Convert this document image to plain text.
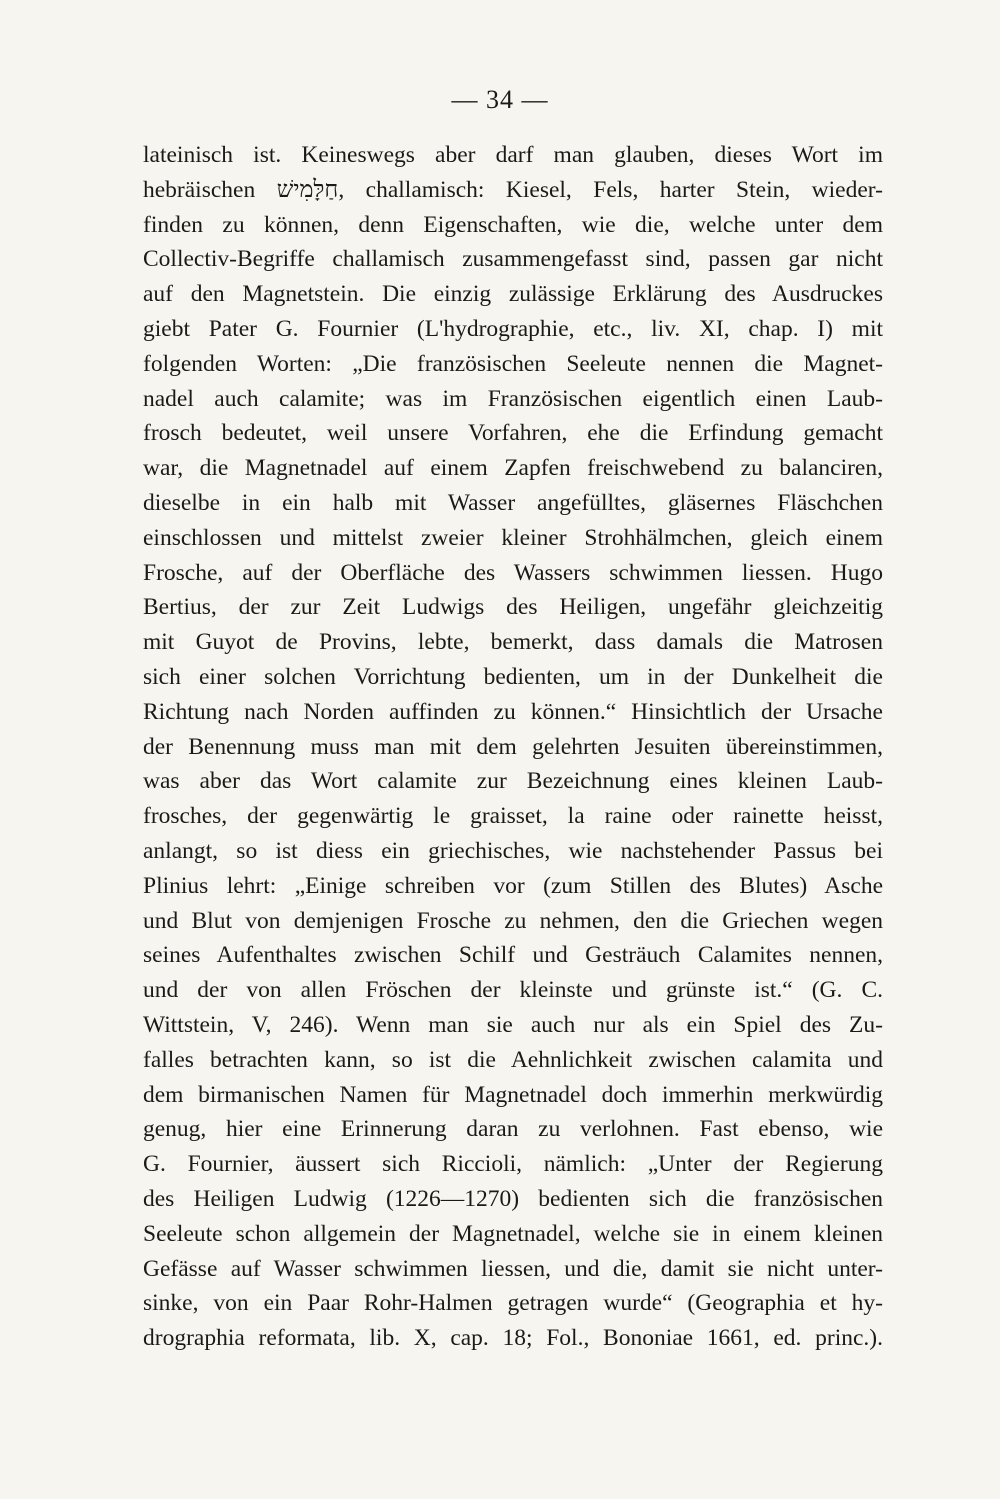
— 34 —
lateinisch ist. Keineswegs aber darf man glauben, dieses Wort im
hebräischen חַלָּמִישׁ, challamisch: Kiesel, Fels, harter Stein, wieder-
finden zu können, denn Eigenschaften, wie die, welche unter dem
Collectiv-Begriffe challamisch zusammengefasst sind, passen gar nicht
auf den Magnetstein. Die einzig zulässige Erklärung des Ausdruckes
giebt Pater G. Fournier (L'hydrographie, etc., liv. XI, chap. I) mit
folgenden Worten: „Die französischen Seeleute nennen die Magnet-
nadel auch calamite; was im Französischen eigentlich einen Laub-
frosch bedeutet, weil unsere Vorfahren, ehe die Erfindung gemacht
war, die Magnetnadel auf einem Zapfen freischwebend zu balanciren,
dieselbe in ein halb mit Wasser angefülltes, gläsernes Fläschchen
einschlossen und mittelst zweier kleiner Strohhälmchen, gleich einem
Frosche, auf der Oberfläche des Wassers schwimmen liessen. Hugo
Bertius, der zur Zeit Ludwigs des Heiligen, ungefähr gleichzeitig
mit Guyot de Provins, lebte, bemerkt, dass damals die Matrosen
sich einer solchen Vorrichtung bedienten, um in der Dunkelheit die
Richtung nach Norden auffinden zu können.“ Hinsichtlich der Ursache
der Benennung muss man mit dem gelehrten Jesuiten übereinstimmen,
was aber das Wort calamite zur Bezeichnung eines kleinen Laub-
frosches, der gegenwärtig le graisset, la raine oder rainette heisst,
anlangt, so ist diess ein griechisches, wie nachstehender Passus bei
Plinius lehrt: „Einige schreiben vor (zum Stillen des Blutes) Asche
und Blut von demjenigen Frosche zu nehmen, den die Griechen wegen
seines Aufenthaltes zwischen Schilf und Gesträuch Calamites nennen,
und der von allen Fröschen der kleinste und grünste ist.“ (G. C.
Wittstein, V, 246). Wenn man sie auch nur als ein Spiel des Zu-
falles betrachten kann, so ist die Aehnlichkeit zwischen calamita und
dem birmanischen Namen für Magnetnadel doch immerhin merkwürdig
genug, hier eine Erinnerung daran zu verlohnen. Fast ebenso, wie
G. Fournier, äussert sich Riccioli, nämlich: „Unter der Regierung
des Heiligen Ludwig (1226—1270) bedienten sich die französischen
Seeleute schon allgemein der Magnetnadel, welche sie in einem kleinen
Gefässe auf Wasser schwimmen liessen, und die, damit sie nicht unter-
sinke, von ein Paar Rohr-Halmen getragen wurde“ (Geographia et hy-
drographia reformata, lib. X, cap. 18; Fol., Bononiae 1661, ed. princ.).
